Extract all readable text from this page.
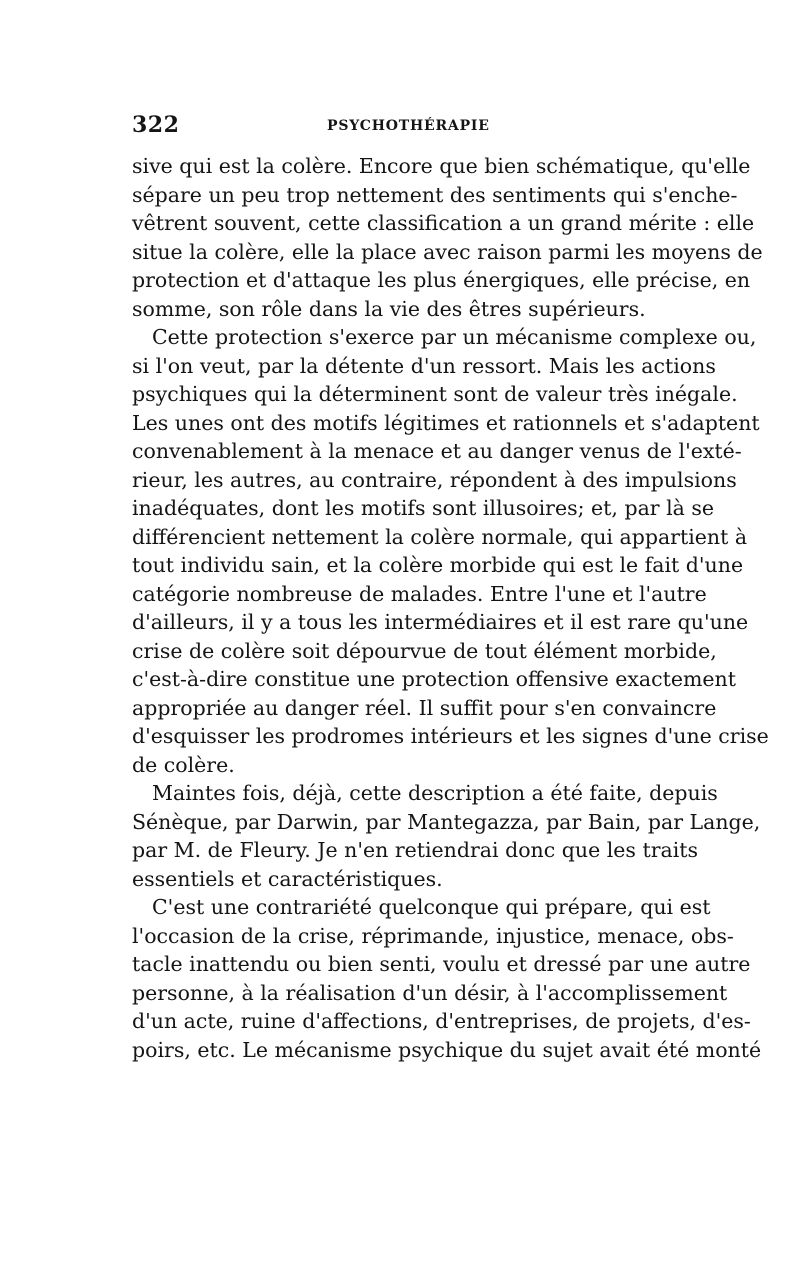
322	PSYCHOTHÉRAPIE
sive qui est la colère. Encore que bien schématique, qu'elle
sépare un peu trop nettement des sentiments qui s'enche-
vêtrent souvent, cette classification a un grand mérite : elle
situe la colère, elle la place avec raison parmi les moyens de
protection et d'attaque les plus énergiques, elle précise, en
somme, son rôle dans la vie des êtres supérieurs.
Cette protection s'exerce par un mécanisme complexe ou,
si l'on veut, par la détente d'un ressort. Mais les actions
psychiques qui la déterminent sont de valeur très inégale.
Les unes ont des motifs légitimes et rationnels et s'adaptent
convenablement à la menace et au danger venus de l'exté-
rieur, les autres, au contraire, répondent à des impulsions
inadéquates, dont les motifs sont illusoires; et, par là se
différencient nettement la colère normale, qui appartient à
tout individu sain, et la colère morbide qui est le fait d'une
catégorie nombreuse de malades. Entre l'une et l'autre
d'ailleurs, il y a tous les intermédiaires et il est rare qu'une
crise de colère soit dépourvue de tout élément morbide,
c'est-à-dire constitue une protection offensive exactement
appropriée au danger réel. Il suffit pour s'en convaincre
d'esquisser les prodromes intérieurs et les signes d'une crise
de colère.
Maintes fois, déjà, cette description a été faite, depuis
Sénèque, par Darwin, par Mantegazza, par Bain, par Lange,
par M. de Fleury. Je n'en retiendrai donc que les traits
essentiels et caractéristiques.
C'est une contrariété quelconque qui prépare, qui est
l'occasion de la crise, réprimande, injustice, menace, obs-
tacle inattendu ou bien senti, voulu et dressé par une autre
personne, à la réalisation d'un désir, à l'accomplissement
d'un acte, ruine d'affections, d'entreprises, de projets, d'es-
poirs, etc. Le mécanisme psychique du sujet avait été monté
